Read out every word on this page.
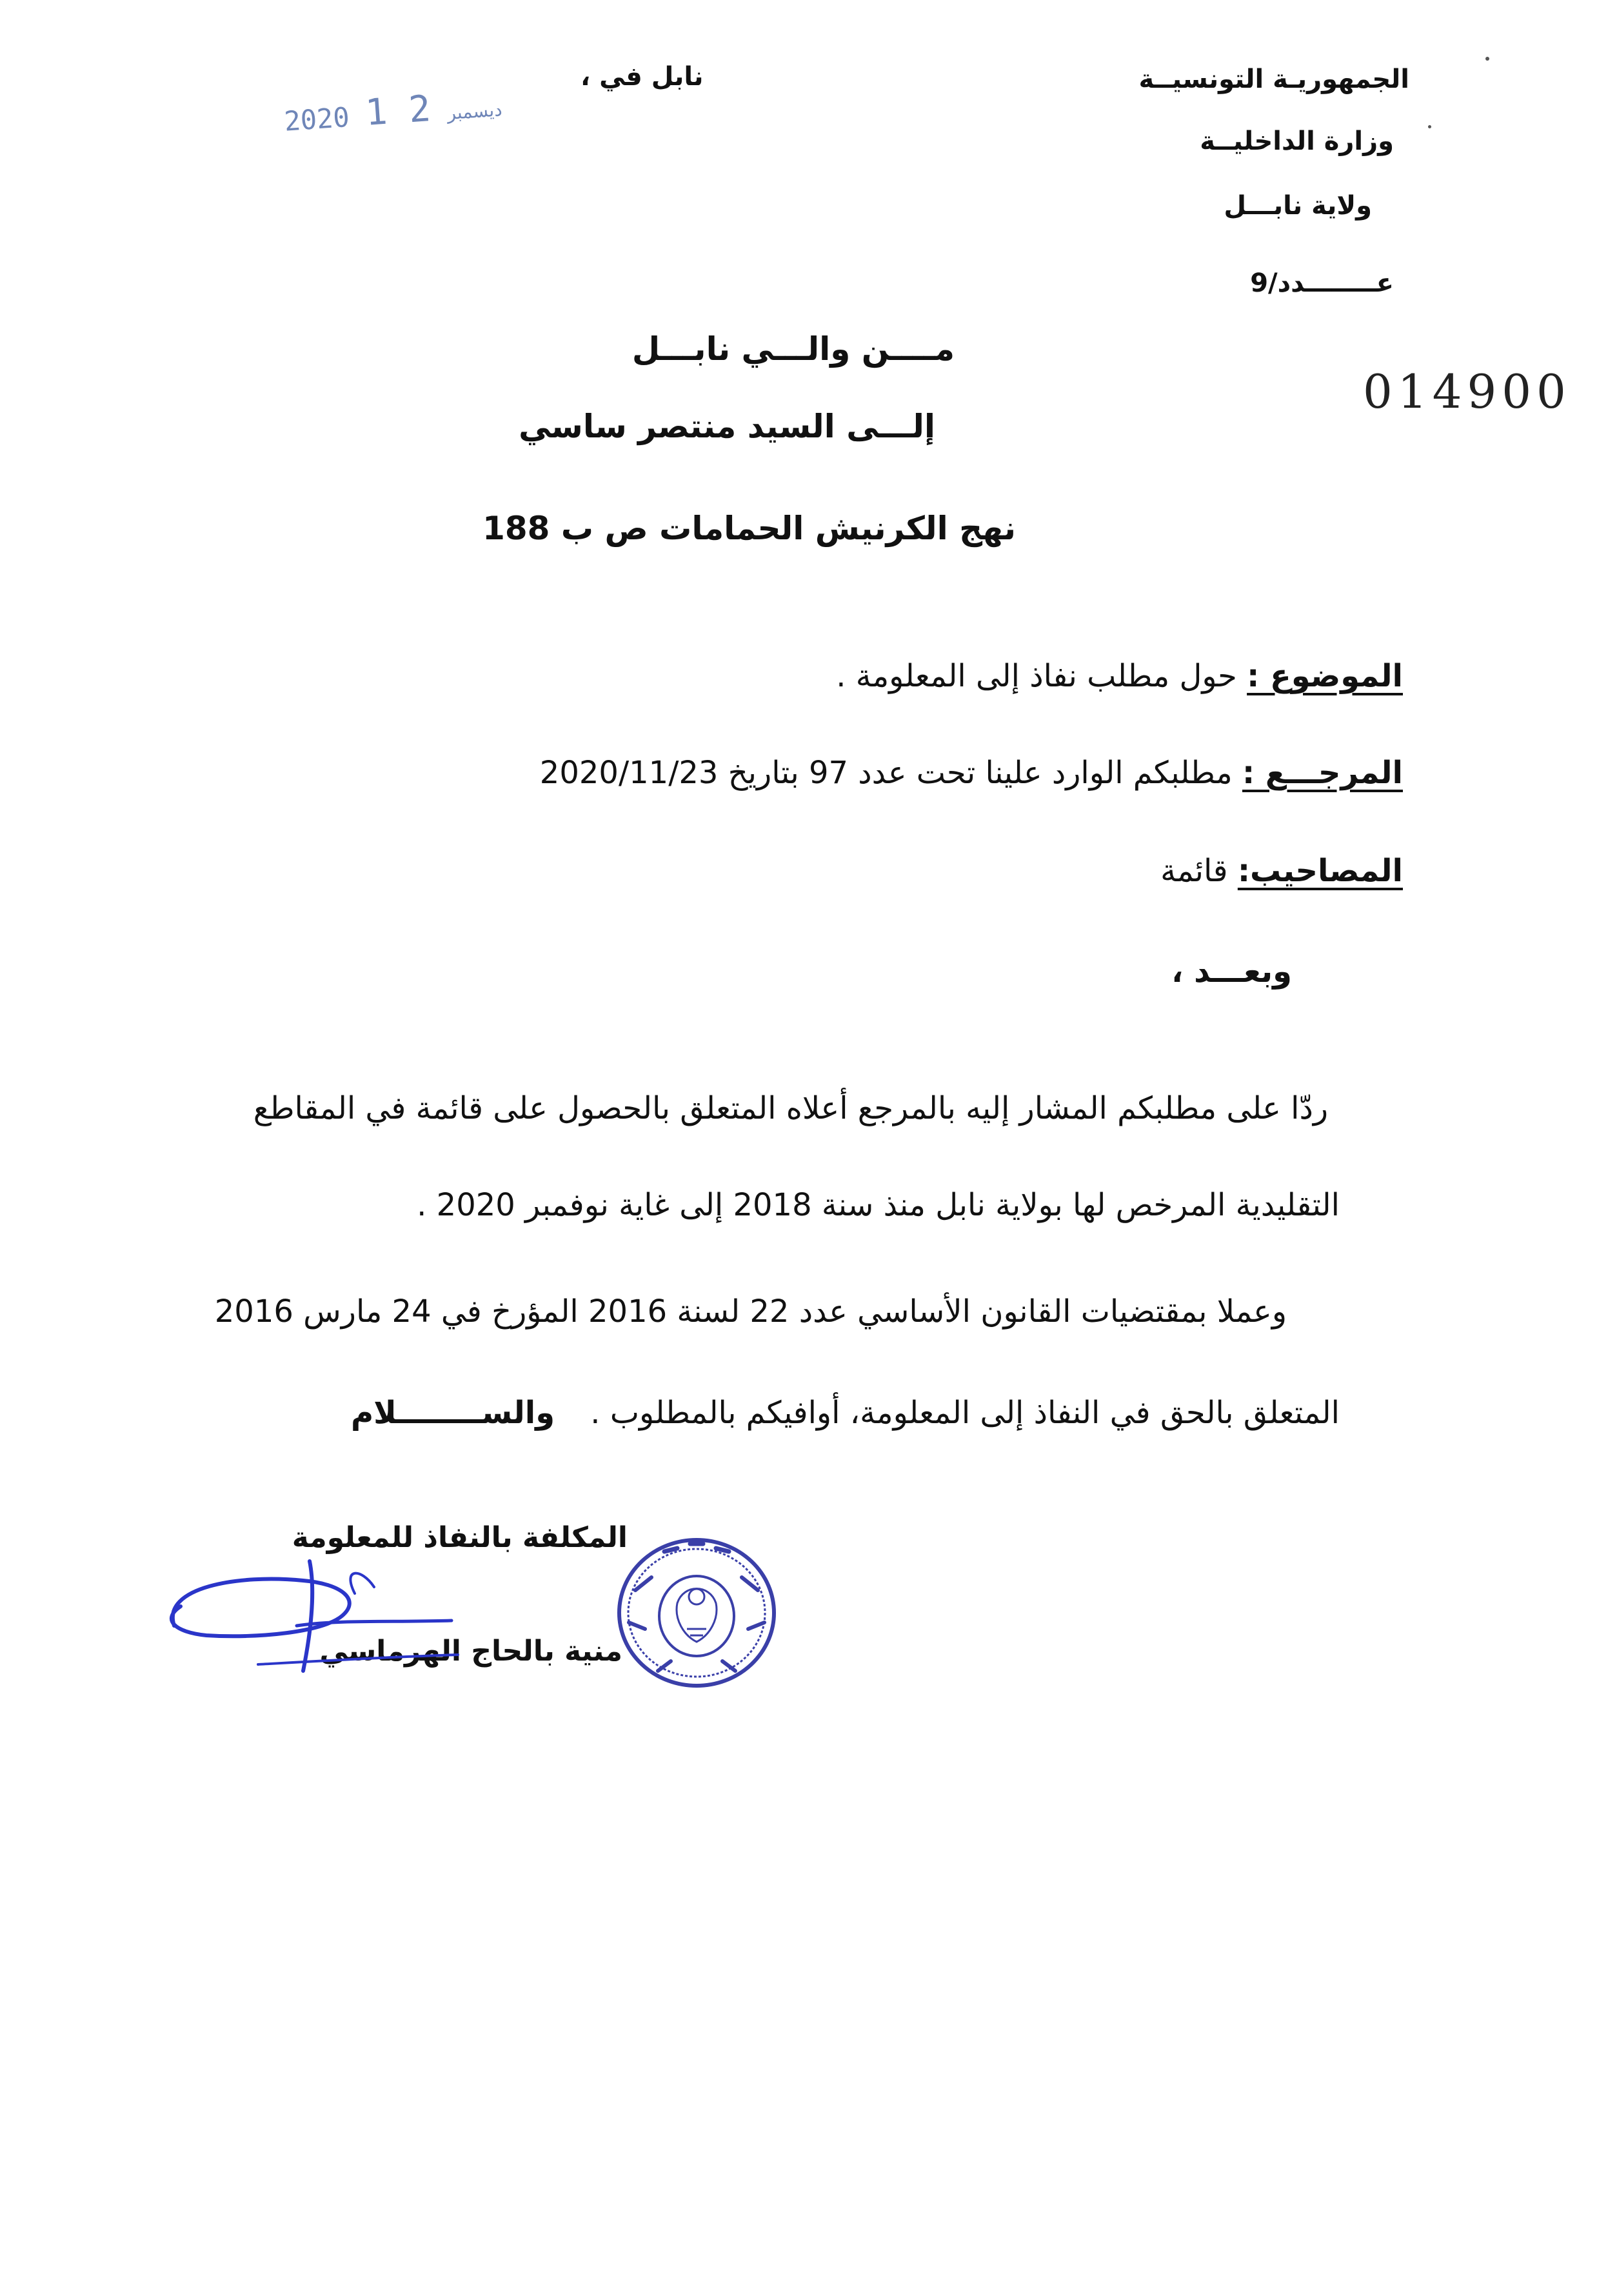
الجمهوريـة التونسيــة
وزارة الداخليــة
ولاية نابـــل
عــــــــدد/9
نابل في ،
2020	ديسمبر 2 1
014900
مــــن والـــي نابـــل
إلـــى السيد منتصر ساسي
نهج الكرنيش الحمامات ص ب 188
الموضوع : حول مطلب نفاذ إلى المعلومة .
المرجـــع : مطلبكم الوارد علينا تحت عدد 97 بتاريخ 2020/11/23
المصاحيب: قائمة
وبعـــد ،
ردّا على مطلبكم المشار إليه بالمرجع أعلاه المتعلق بالحصول على قائمة في المقاطع
التقليدية المرخص لها بولاية نابل منذ سنة 2018 إلى غاية نوفمبر 2020 .
وعملا بمقتضيات القانون الأساسي عدد 22 لسنة 2016 المؤرخ في 24 مارس 2016
المتعلق بالحق في النفاذ إلى المعلومة، أوافيكم بالمطلوب . والســــــــلام
المكلفة بالنفاذ للمعلومة
منية بالحاج الهرماسي
